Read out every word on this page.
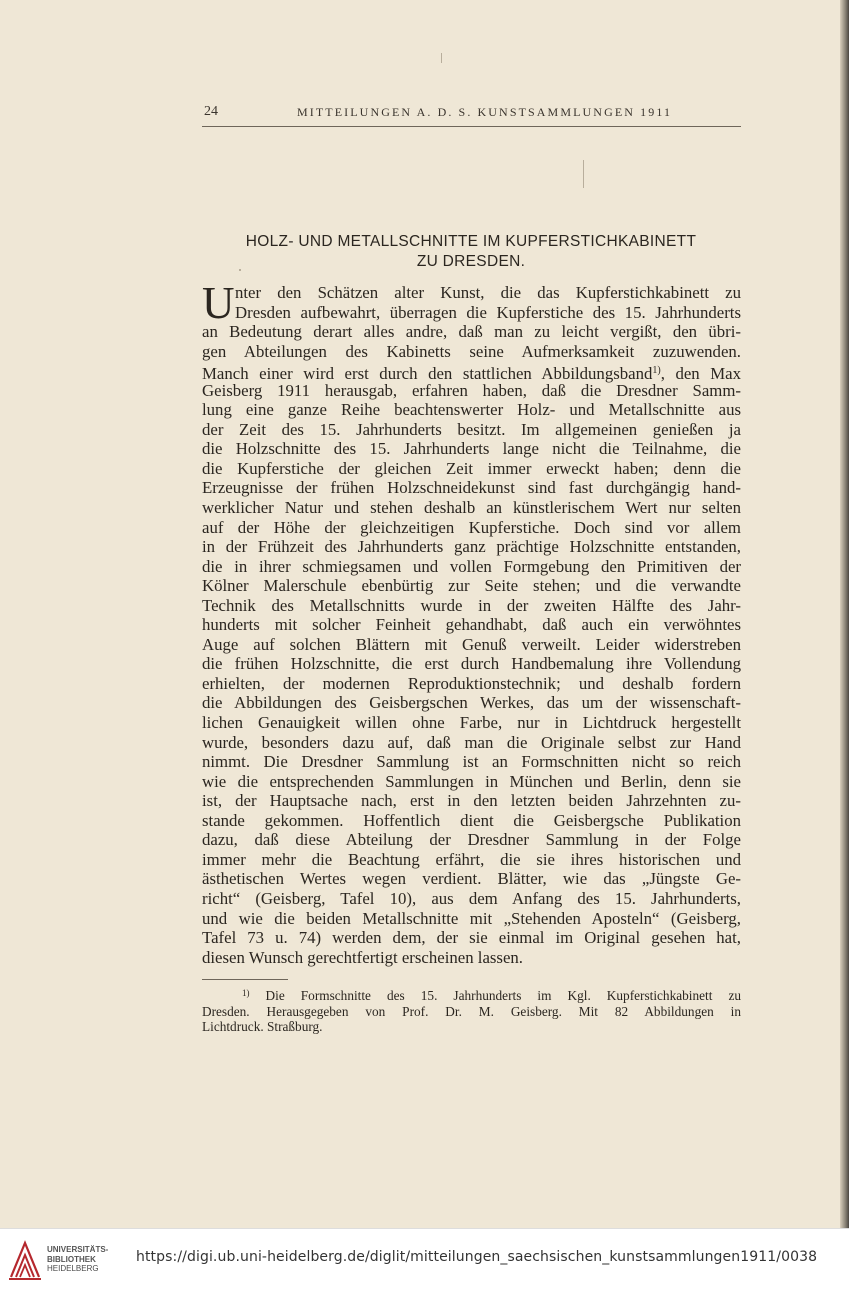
24	MITTEILUNGEN A. D. S. KUNSTSAMMLUNGEN 1911
HOLZ- UND METALLSCHNITTE IM KUPFERSTICHKABINETT
ZU DRESDEN.
U nter den Schätzen alter Kunst, die das Kupferstichkabinett zu
Dresden aufbewahrt, überragen die Kupferstiche des 15. Jahrhunderts
an Bedeutung derart alles andre, daß man zu leicht vergißt, den übri-
gen Abteilungen des Kabinetts seine Aufmerksamkeit zuzuwenden.
Manch einer wird erst durch den stattlichen Abbildungsband$^{1)}$, den Max
Geisberg 1911 herausgab, erfahren haben, daß die Dresdner Samm-
lung eine ganze Reihe beachtenswerter Holz- und Metallschnitte aus
der Zeit des 15. Jahrhunderts besitzt. Im allgemeinen genießen ja
die Holzschnitte des 15. Jahrhunderts lange nicht die Teilnahme, die
die Kupferstiche der gleichen Zeit immer erweckt haben; denn die
Erzeugnisse der frühen Holzschneidekunst sind fast durchgängig hand-
werklicher Natur und stehen deshalb an künstlerischem Wert nur selten
auf der Höhe der gleichzeitigen Kupferstiche. Doch sind vor allem
in der Frühzeit des Jahrhunderts ganz prächtige Holzschnitte entstanden,
die in ihrer schmiegsamen und vollen Formgebung den Primitiven der
Kölner Malerschule ebenbürtig zur Seite stehen; und die verwandte
Technik des Metallschnitts wurde in der zweiten Hälfte des Jahr-
hunderts mit solcher Feinheit gehandhabt, daß auch ein verwöhntes
Auge auf solchen Blättern mit Genuß verweilt. Leider widerstreben
die frühen Holzschnitte, die erst durch Handbemalung ihre Vollendung
erhielten, der modernen Reproduktionstechnik; und deshalb fordern
die Abbildungen des Geisbergschen Werkes, das um der wissenschaft-
lichen Genauigkeit willen ohne Farbe, nur in Lichtdruck hergestellt
wurde, besonders dazu auf, daß man die Originale selbst zur Hand
nimmt. Die Dresdner Sammlung ist an Formschnitten nicht so reich
wie die entsprechenden Sammlungen in München und Berlin, denn sie
ist, der Hauptsache nach, erst in den letzten beiden Jahrzehnten zu-
stande gekommen. Hoffentlich dient die Geisbergsche Publikation
dazu, daß diese Abteilung der Dresdner Sammlung in der Folge
immer mehr die Beachtung erfährt, die sie ihres historischen und
ästhetischen Wertes wegen verdient. Blätter, wie das „Jüngste Ge-
richt“ (Geisberg, Tafel 10), aus dem Anfang des 15. Jahrhunderts,
und wie die beiden Metallschnitte mit „Stehenden Aposteln“ (Geisberg,
Tafel 73 u. 74) werden dem, der sie einmal im Original gesehen hat,
diesen Wunsch gerechtfertigt erscheinen lassen.
$^{1)}$ Die Formschnitte des 15. Jahrhunderts im Kgl. Kupferstichkabinett zu
Dresden. Herausgegeben von Prof. Dr. M. Geisberg. Mit 82 Abbildungen in
Lichtdruck. Straßburg.
UNIVERSITÄTS-
BIBLIOTHEK
HEIDELBERG
https://digi.ub.uni-heidelberg.de/diglit/mitteilungen_saechsischen_kunstsammlungen1911/0038
